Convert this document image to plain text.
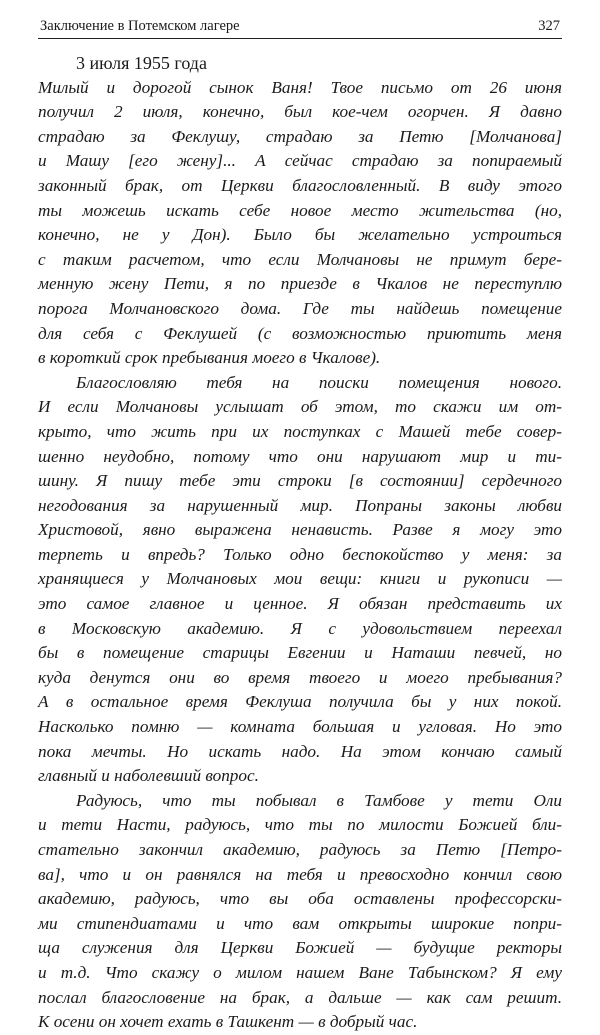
Заключение в Потемском лагере	327
3 июля 1955 года
Милый и дорогой сынок Ваня! Твое письмо от 26 июня
получил 2 июля, конечно, был кое-чем огорчен. Я давно
страдаю за Феклушу, страдаю за Петю [Молчанова]
и Машу [его жену]... А сейчас страдаю за попираемый
законный брак, от Церкви благословленный. В виду этого
ты можешь искать себе новое место жительства (но,
конечно, не у Дон). Было бы желательно устроиться
с таким расчетом, что если Молчановы не примут бере-
менную жену Пети, я по приезде в Чкалов не переступлю
порога Молчановского дома. Где ты найдешь помещение
для себя с Феклушей (с возможностью приютить меня
в короткий срок пребывания моего в Чкалове).
Благословляю тебя на поиски помещения нового.
И если Молчановы услышат об этом, то скажи им от-
крыто, что жить при их поступках с Машей тебе совер-
шенно неудобно, потому что они нарушают мир и ти-
шину. Я пишу тебе эти строки [в состоянии] сердечного
негодования за нарушенный мир. Попраны законы любви
Христовой, явно выражена ненависть. Разве я могу это
терпеть и впредь? Только одно беспокойство у меня: за
хранящиеся у Молчановых мои вещи: книги и рукописи —
это самое главное и ценное. Я обязан представить их
в Московскую академию. Я с удовольствием переехал
бы в помещение старицы Евгении и Наташи певчей, но
куда денутся они во время твоего и моего пребывания?
А в остальное время Феклуша получила бы у них покой.
Насколько помню — комната большая и угловая. Но это
пока мечты. Но искать надо. На этом кончаю самый
главный и наболевший вопрос.
Радуюсь, что ты побывал в Тамбове у тети Оли
и тети Насти, радуюсь, что ты по милости Божией бли-
стательно закончил академию, радуюсь за Петю [Петро-
ва], что и он равнялся на тебя и превосходно кончил свою
академию, радуюсь, что вы оба оставлены профессорски-
ми стипендиатами и что вам открыты широкие попри-
ща служения для Церкви Божией — будущие ректоры
и т.д. Что скажу о милом нашем Ване Табынском? Я ему
послал благословение на брак, а дальше — как сам решит.
К осени он хочет ехать в Ташкент — в добрый час.
